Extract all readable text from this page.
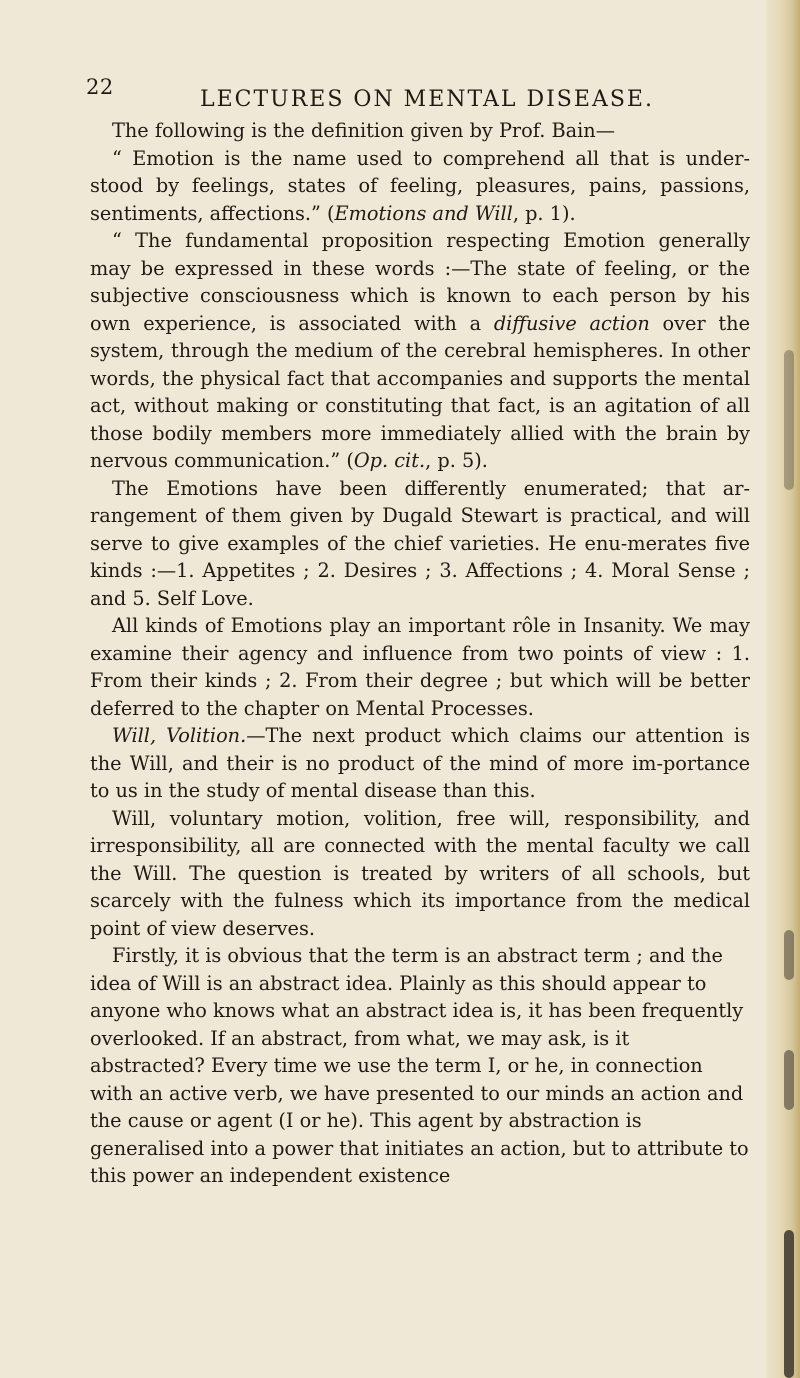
22	LECTURES ON MENTAL DISEASE.

The following is the definition given by Prof. Bain—

“ Emotion is the name used to comprehend all that is under-stood by feelings, states of feeling, pleasures, pains, passions, sentiments, affections.” (Emotions and Will, p. 1).

“ The fundamental proposition respecting Emotion generally may be expressed in these words :—The state of feeling, or the subjective consciousness which is known to each person by his own experience, is associated with a diffusive action over the system, through the medium of the cerebral hemispheres. In other words, the physical fact that accompanies and supports the mental act, without making or constituting that fact, is an agitation of all those bodily members more immediately allied with the brain by nervous communication.” (Op. cit., p. 5).

The Emotions have been differently enumerated; that ar-rangement of them given by Dugald Stewart is practical, and will serve to give examples of the chief varieties. He enu-merates five kinds :—1. Appetites ; 2. Desires ; 3. Affections ; 4. Moral Sense ; and 5. Self Love.

All kinds of Emotions play an important rôle in Insanity. We may examine their agency and influence from two points of view : 1. From their kinds ; 2. From their degree ; but which will be better deferred to the chapter on Mental Processes.

Will, Volition.—The next product which claims our attention is the Will, and their is no product of the mind of more im-portance to us in the study of mental disease than this.

Will, voluntary motion, volition, free will, responsibility, and irresponsibility, all are connected with the mental faculty we call the Will. The question is treated by writers of all schools, but scarcely with the fulness which its importance from the medical point of view deserves.

Firstly, it is obvious that the term is an abstract term ; and the idea of Will is an abstract idea. Plainly as this should appear to anyone who knows what an abstract idea is, it has been frequently overlooked. If an abstract, from what, we may ask, is it abstracted? Every time we use the term I, or he, in connection with an active verb, we have presented to our minds an action and the cause or agent (I or he). This agent by abstraction is generalised into a power that initiates an action, but to attribute to this power an independent existence
